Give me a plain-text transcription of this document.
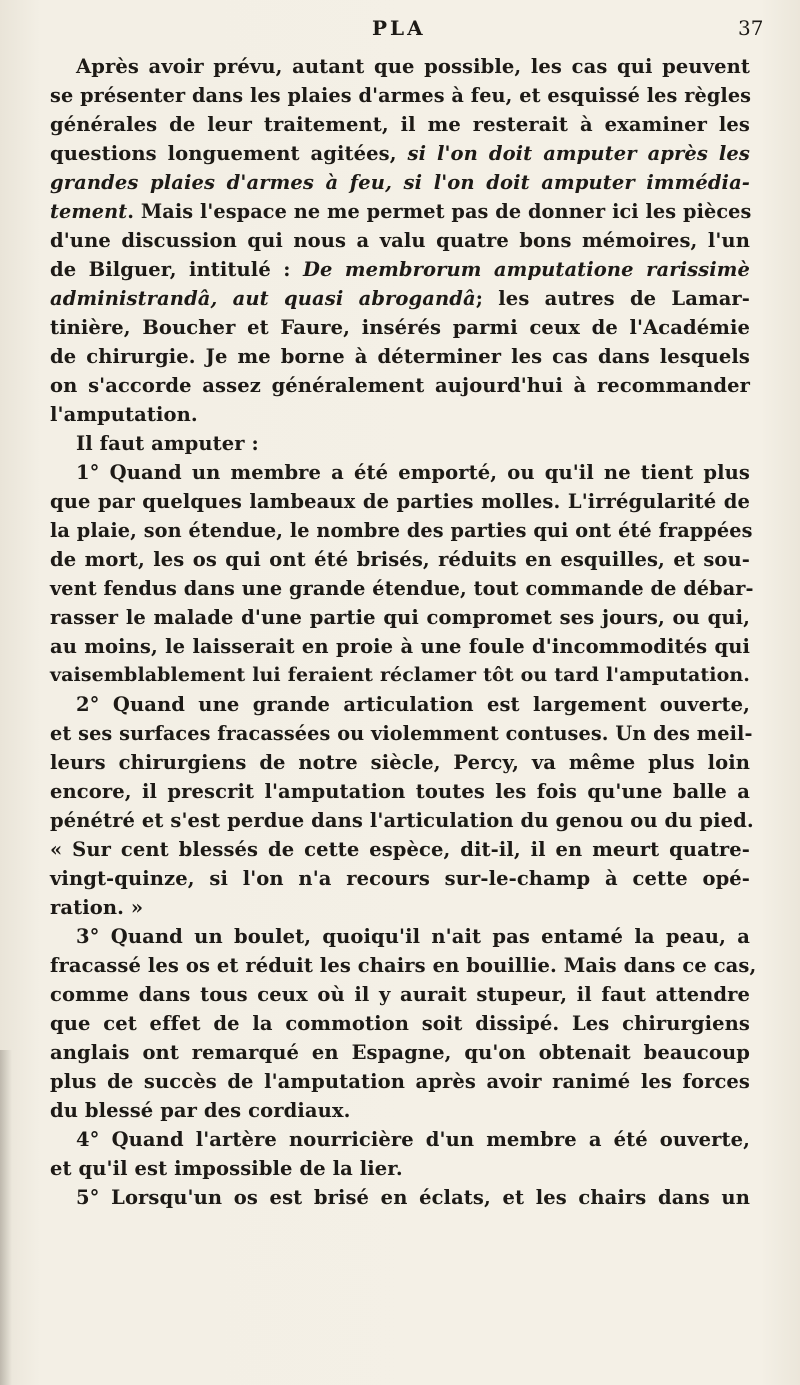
PLA	37
Après avoir prévu, autant que possible, les cas qui peuvent
se présenter dans les plaies d'armes à feu, et esquissé les règles
générales de leur traitement, il me resterait à examiner les
questions longuement agitées, si l'on doit amputer après les
grandes plaies d'armes à feu, si l'on doit amputer immédia-
tement. Mais l'espace ne me permet pas de donner ici les pièces
d'une discussion qui nous a valu quatre bons mémoires, l'un
de Bilguer, intitulé : De membrorum amputatione rarissimè
administrandâ, aut quasi abrogandâ; les autres de Lamar-
tinière, Boucher et Faure, insérés parmi ceux de l'Académie
de chirurgie. Je me borne à déterminer les cas dans lesquels
on s'accorde assez généralement aujourd'hui à recommander
l'amputation.
Il faut amputer :
1° Quand un membre a été emporté, ou qu'il ne tient plus
que par quelques lambeaux de parties molles. L'irrégularité de
la plaie, son étendue, le nombre des parties qui ont été frappées
de mort, les os qui ont été brisés, réduits en esquilles, et sou-
vent fendus dans une grande étendue, tout commande de débar-
rasser le malade d'une partie qui compromet ses jours, ou qui,
au moins, le laisserait en proie à une foule d'incommodités qui
vaisemblablement lui feraient réclamer tôt ou tard l'amputation.
2° Quand une grande articulation est largement ouverte,
et ses surfaces fracassées ou violemment contuses. Un des meil-
leurs chirurgiens de notre siècle, Percy, va même plus loin
encore, il prescrit l'amputation toutes les fois qu'une balle a
pénétré et s'est perdue dans l'articulation du genou ou du pied.
« Sur cent blessés de cette espèce, dit-il, il en meurt quatre-
vingt-quinze, si l'on n'a recours sur-le-champ à cette opé-
ration. »
3° Quand un boulet, quoiqu'il n'ait pas entamé la peau, a
fracassé les os et réduit les chairs en bouillie. Mais dans ce cas,
comme dans tous ceux où il y aurait stupeur, il faut attendre
que cet effet de la commotion soit dissipé. Les chirurgiens
anglais ont remarqué en Espagne, qu'on obtenait beaucoup
plus de succès de l'amputation après avoir ranimé les forces
du blessé par des cordiaux.
4° Quand l'artère nourricière d'un membre a été ouverte,
et qu'il est impossible de la lier.
5° Lorsqu'un os est brisé en éclats, et les chairs dans un
